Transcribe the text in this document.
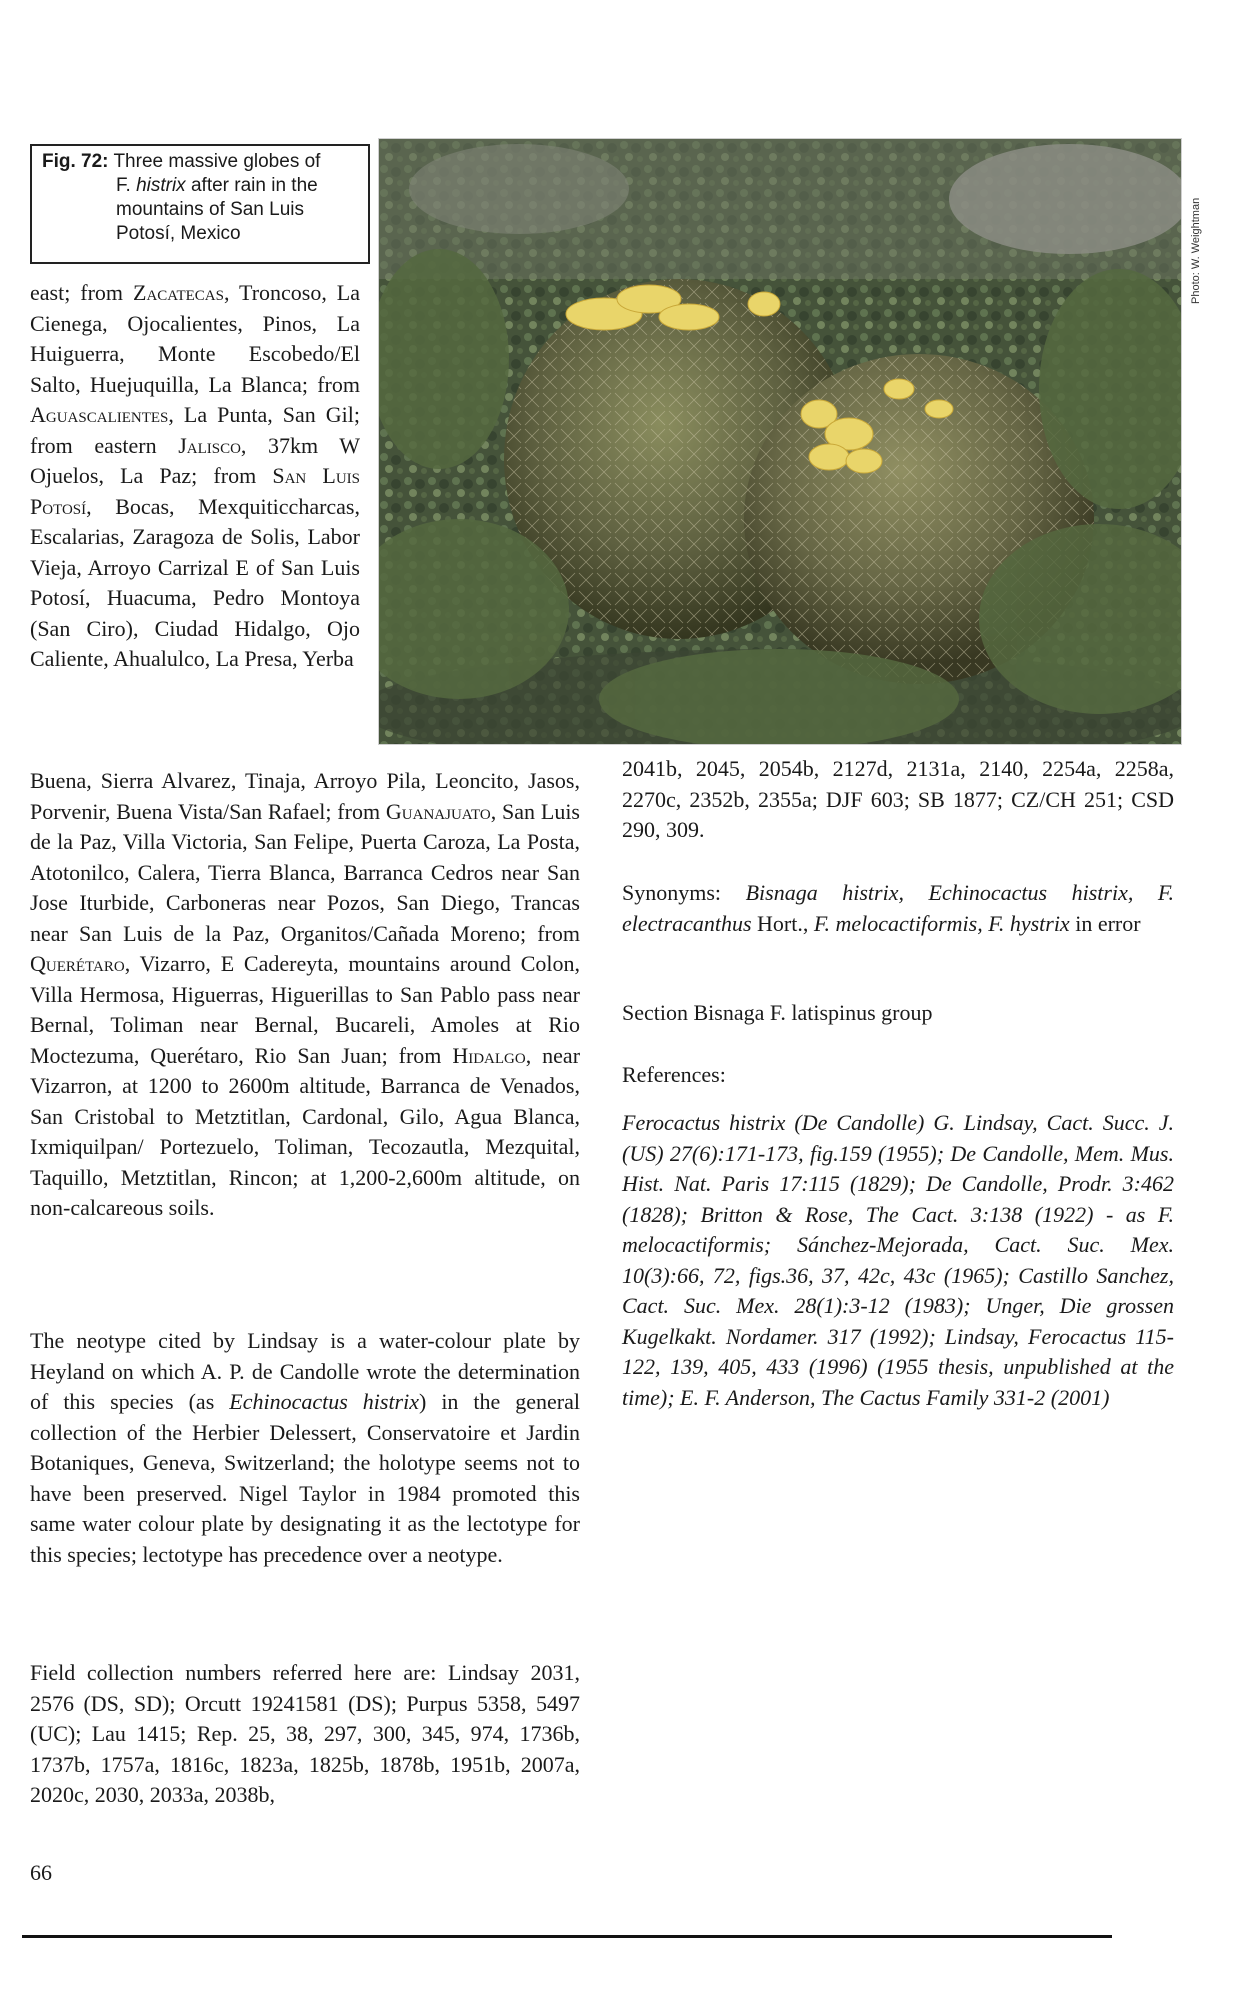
Fig. 72: Three massive globes of
F. histrix after rain in the
mountains of San Luis
Potosí, Mexico	Photo: W. Weightman
east; from Zacatecas, Troncoso, La Cienega, Ojocalientes, Pinos, La Huiguerra, Monte Escobedo/El Salto, Huejuquilla, La Blanca; from Aguascalientes, La Punta, San Gil; from eastern Jalisco, 37km W Ojuelos, La Paz; from San Luis Potosí, Bocas, Mexquiticcharcas, Escalarias, Zaragoza de Solis, Labor Vieja, Arroyo Carrizal E of San Luis Potosí, Huacuma, Pedro Montoya (San Ciro), Ciudad Hidalgo, Ojo Caliente, Ahualulco, La Presa, Yerba
Buena, Sierra Alvarez, Tinaja, Arroyo Pila, Leoncito, Jasos, Porvenir, Buena Vista/San Rafael; from Guanajuato, San Luis de la Paz, Villa Victoria, San Felipe, Puerta Caroza, La Posta, Atotonilco, Calera, Tierra Blanca, Barranca Cedros near San Jose Iturbide, Carboneras near Pozos, San Diego, Trancas near San Luis de la Paz, Organitos/Cañada Moreno; from Querétaro, Vizarro, E Cadereyta, mountains around Colon, Villa Hermosa, Higuerras, Higuerillas to San Pablo pass near Bernal, Toliman near Bernal, Bucareli, Amoles at Rio Moctezuma, Querétaro, Rio San Juan; from Hidalgo, near Vizarron, at 1200 to 2600m altitude, Barranca de Venados, San Cristobal to Metztitlan, Cardonal, Gilo, Agua Blanca, Ixmiquilpan/ Portezuelo, Toliman, Tecozautla, Mezquital, Taquillo, Metztitlan, Rincon; at 1,200-2,600m altitude, on non-calcareous soils.
The neotype cited by Lindsay is a water-colour plate by Heyland on which A. P. de Candolle wrote the determination of this species (as Echinocactus histrix) in the general collection of the Herbier Delessert, Conservatoire et Jardin Botaniques, Geneva, Switzerland; the holotype seems not to have been preserved. Nigel Taylor in 1984 promoted this same water colour plate by designating it as the lectotype for this species; lectotype has precedence over a neotype.
Field collection numbers referred here are: Lindsay 2031, 2576 (DS, SD); Orcutt 19241581 (DS); Purpus 5358, 5497 (UC); Lau 1415; Rep. 25, 38, 297, 300, 345, 974, 1736b, 1737b, 1757a, 1816c, 1823a, 1825b, 1878b, 1951b, 2007a, 2020c, 2030, 2033a, 2038b,
2041b, 2045, 2054b, 2127d, 2131a, 2140, 2254a, 2258a, 2270c, 2352b, 2355a; DJF 603; SB 1877; CZ/CH 251; CSD 290, 309.
Synonyms: Bisnaga histrix, Echinocactus histrix, F. electracanthus Hort., F. melocactiformis, F. hystrix in error
Section Bisnaga F. latispinus group
References:
Ferocactus histrix (De Candolle) G. Lindsay, Cact. Succ. J. (US) 27(6):171-173, fig.159 (1955); De Candolle, Mem. Mus. Hist. Nat. Paris 17:115 (1829); De Candolle, Prodr. 3:462 (1828); Britton & Rose, The Cact. 3:138 (1922) - as F. melocactiformis; Sánchez-Mejorada, Cact. Suc. Mex. 10(3):66, 72, figs.36, 37, 42c, 43c (1965); Castillo Sanchez, Cact. Suc. Mex. 28(1):3-12 (1983); Unger, Die grossen Kugelkakt. Nordamer. 317 (1992); Lindsay, Ferocactus 115-122, 139, 405, 433 (1996) (1955 thesis, unpublished at the time); E. F. Anderson, The Cactus Family 331-2 (2001)
66
